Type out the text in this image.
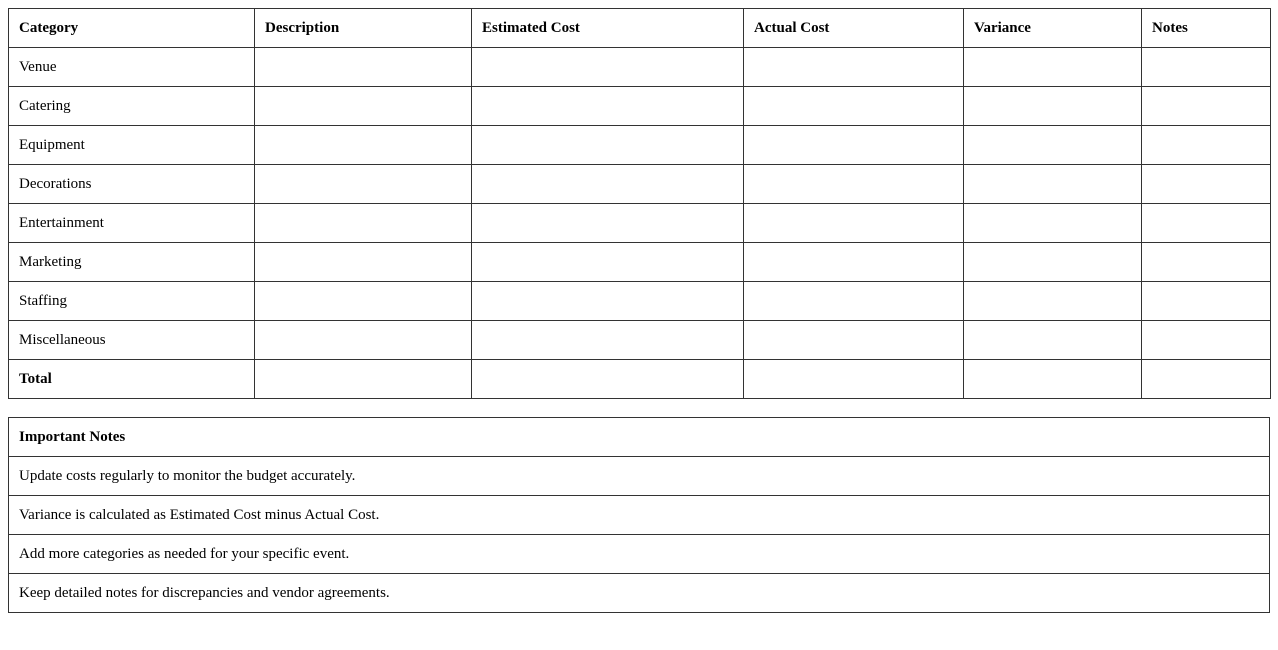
Category	Description	Estimated Cost	Actual Cost	Variance	Notes
Venue					
Catering					
Equipment					
Decorations					
Entertainment					
Marketing					
Staffing					
Miscellaneous					
Total					
Important Notes
Update costs regularly to monitor the budget accurately.
Variance is calculated as Estimated Cost minus Actual Cost.
Add more categories as needed for your specific event.
Keep detailed notes for discrepancies and vendor agreements.
